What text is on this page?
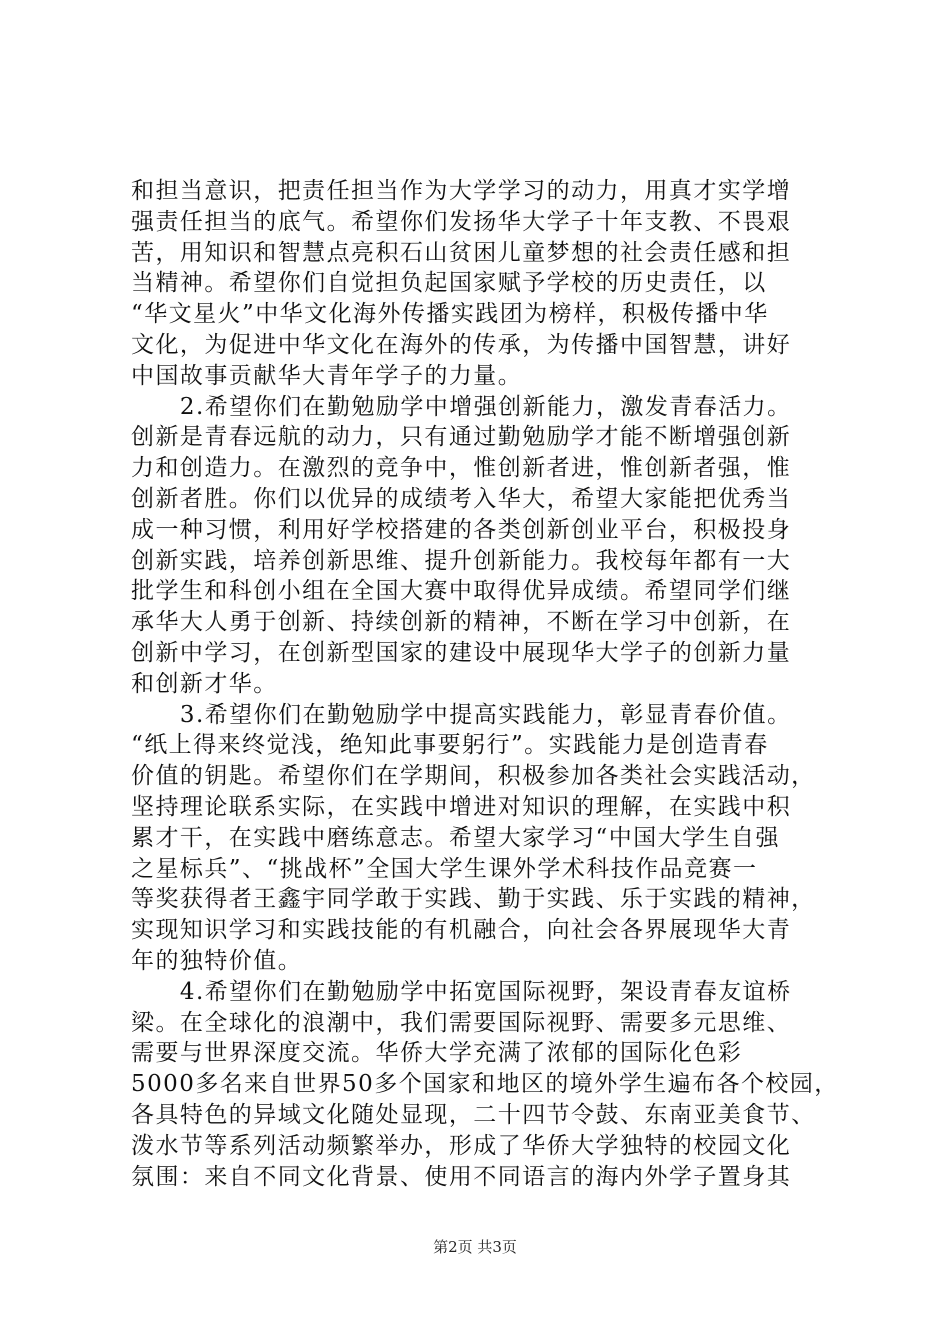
和担当意识，把责任担当作为大学学习的动力，用真才实学增
强责任担当的底气。希望你们发扬华大学子十年支教、不畏艰
苦，用知识和智慧点亮积石山贫困儿童梦想的社会责任感和担
当精神。希望你们自觉担负起国家赋予学校的历史责任，以
“华文星火”中华文化海外传播实践团为榜样，积极传播中华
文化，为促进中华文化在海外的传承，为传播中国智慧，讲好
中国故事贡献华大青年学子的力量。
　　2.希望你们在勤勉励学中增强创新能力，激发青春活力。
创新是青春远航的动力，只有通过勤勉励学才能不断增强创新
力和创造力。在激烈的竞争中，惟创新者进，惟创新者强，惟
创新者胜。你们以优异的成绩考入华大，希望大家能把优秀当
成一种习惯，利用好学校搭建的各类创新创业平台，积极投身
创新实践，培养创新思维、提升创新能力。我校每年都有一大
批学生和科创小组在全国大赛中取得优异成绩。希望同学们继
承华大人勇于创新、持续创新的精神，不断在学习中创新，在
创新中学习，在创新型国家的建设中展现华大学子的创新力量
和创新才华。
　　3.希望你们在勤勉励学中提高实践能力，彰显青春价值。
“纸上得来终觉浅，绝知此事要躬行”。实践能力是创造青春
价值的钥匙。希望你们在学期间，积极参加各类社会实践活动，
坚持理论联系实际，在实践中增进对知识的理解，在实践中积
累才干，在实践中磨练意志。希望大家学习“中国大学生自强
之星标兵”、“挑战杯”全国大学生课外学术科技作品竞赛一
等奖获得者王鑫宇同学敢于实践、勤于实践、乐于实践的精神，
实现知识学习和实践技能的有机融合，向社会各界展现华大青
年的独特价值。
　　4.希望你们在勤勉励学中拓宽国际视野，架设青春友谊桥
梁。在全球化的浪潮中，我们需要国际视野、需要多元思维、
需要与世界深度交流。华侨大学充满了浓郁的国际化色彩
5000多名来自世界50多个国家和地区的境外学生遍布各个校园，
各具特色的异域文化随处显现，二十四节令鼓、东南亚美食节、
泼水节等系列活动频繁举办，形成了华侨大学独特的校园文化
氛围：来自不同文化背景、使用不同语言的海内外学子置身其
第2页 共3页
